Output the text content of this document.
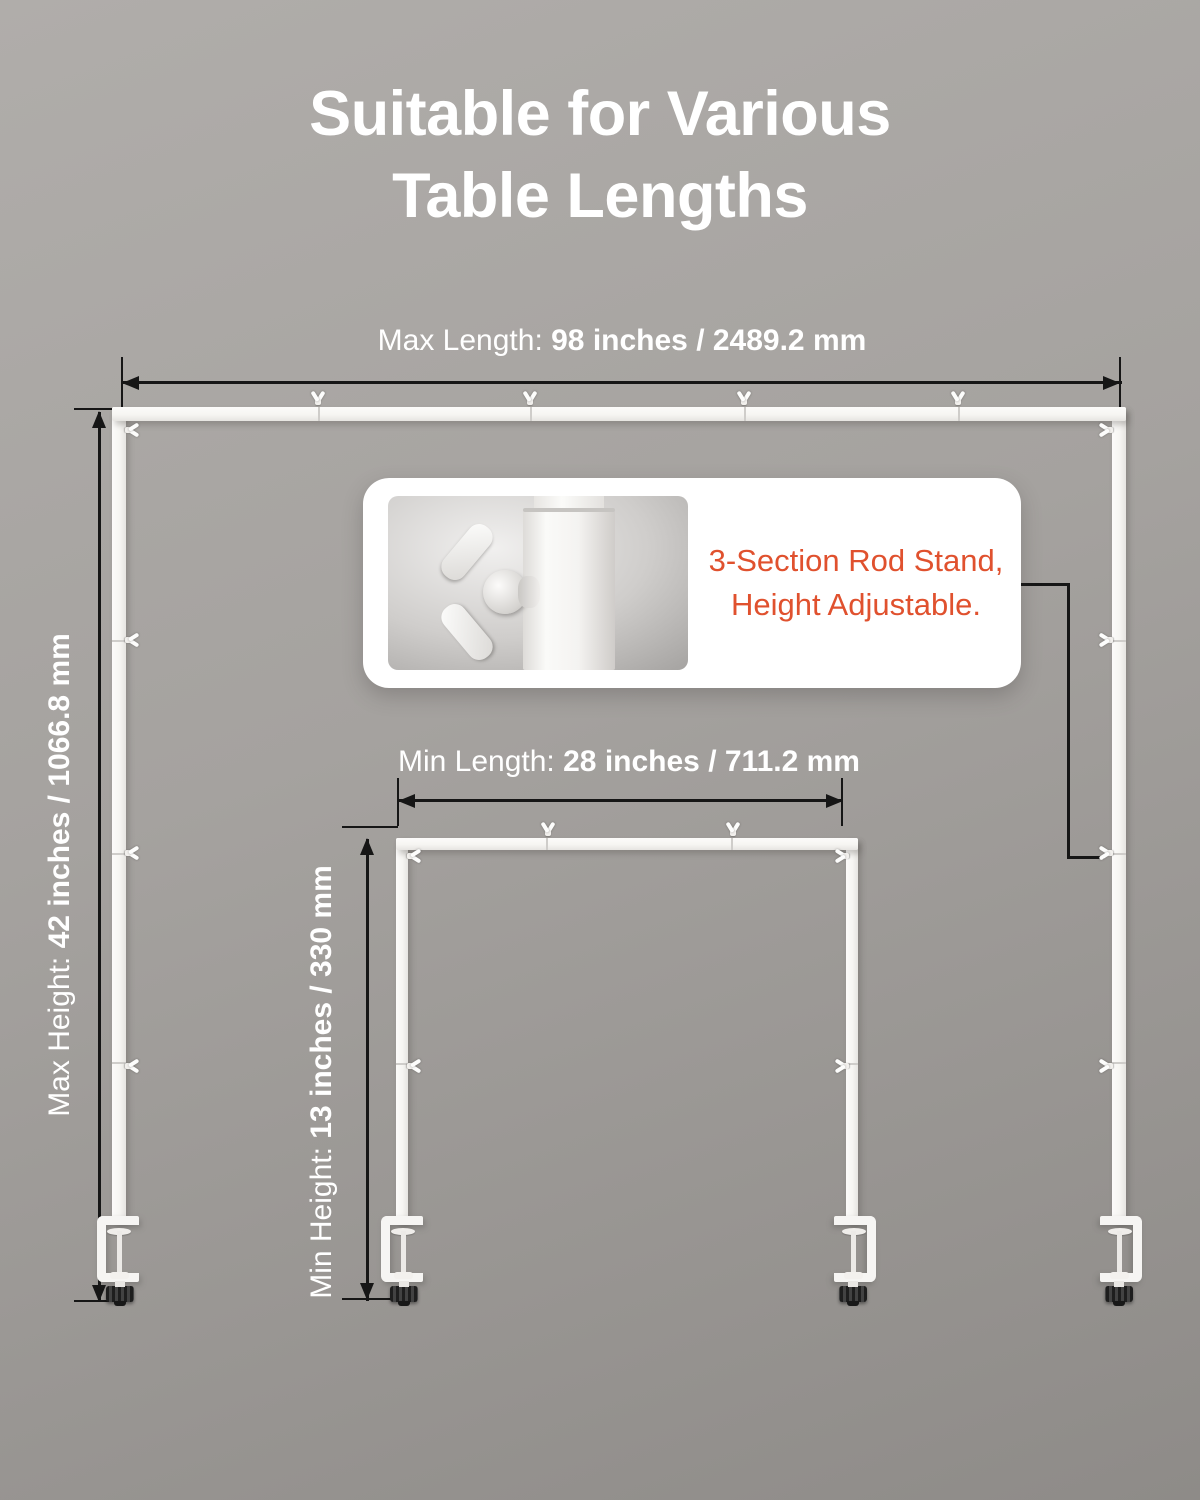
Suitable for Various
Table Lengths
Max Length: 98 inches / 2489.2 mm
Max Height: 42 inches / 1066.8 mm	Min Length: 28 inches / 711.2 mm
Min Height: 13 inches / 330 mm
3-Section Rod Stand,
Height Adjustable.
